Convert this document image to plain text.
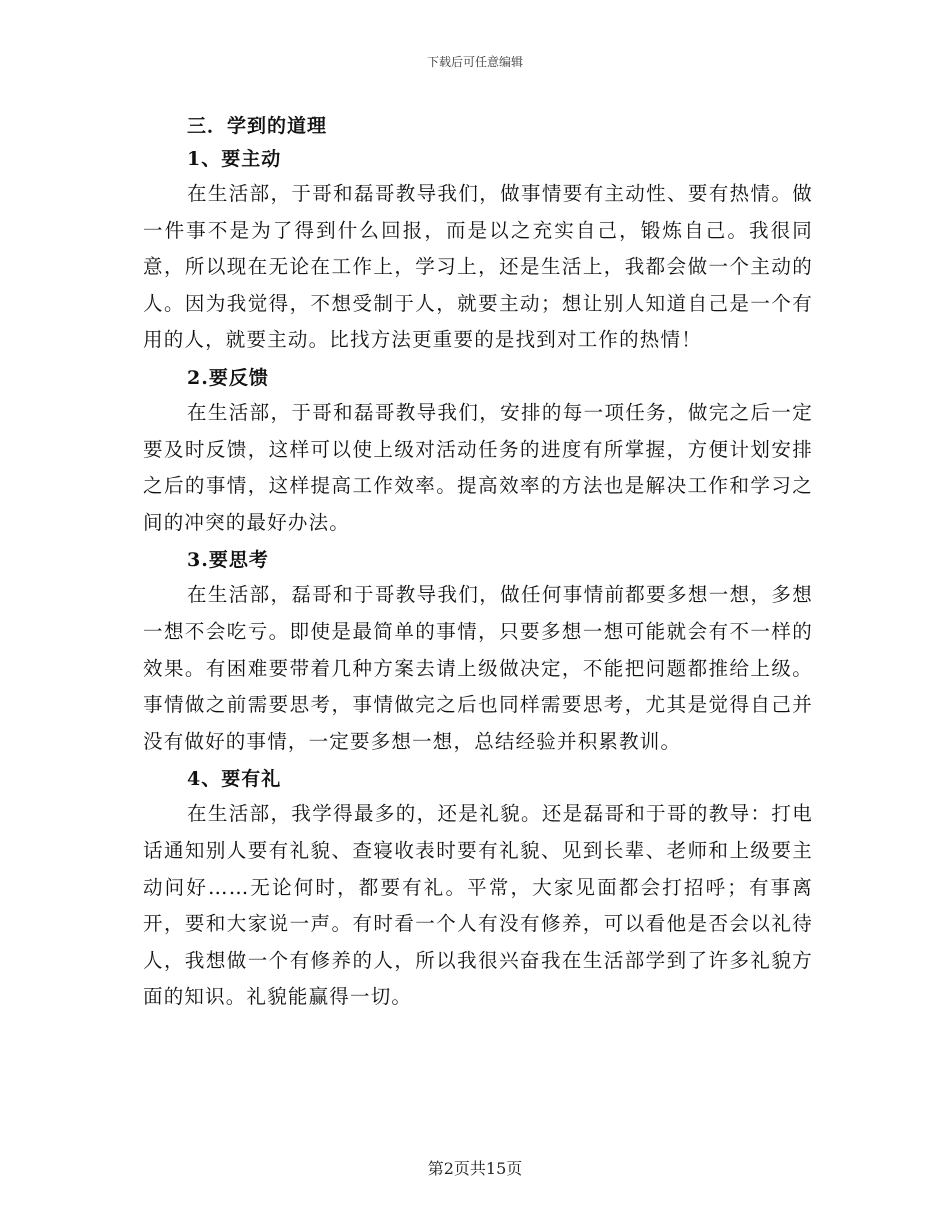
下载后可任意编辑
三．学到的道理
1、要主动

在生活部，于哥和磊哥教导我们，做事情要有主动性、要有热情。做一件事不是为了得到什么回报，而是以之充实自己，锻炼自己。我很同意，所以现在无论在工作上，学习上，还是生活上，我都会做一个主动的人。因为我觉得，不想受制于人，就要主动；想让别人知道自己是一个有用的人，就要主动。比找方法更重要的是找到对工作的热情！

2.要反馈

在生活部，于哥和磊哥教导我们，安排的每一项任务，做完之后一定要及时反馈，这样可以使上级对活动任务的进度有所掌握，方便计划安排之后的事情，这样提高工作效率。提高效率的方法也是解决工作和学习之间的冲突的最好办法。

3.要思考

在生活部，磊哥和于哥教导我们，做任何事情前都要多想一想，多想一想不会吃亏。即使是最简单的事情，只要多想一想可能就会有不一样的效果。有困难要带着几种方案去请上级做决定，不能把问题都推给上级。事情做之前需要思考，事情做完之后也同样需要思考，尤其是觉得自己并没有做好的事情，一定要多想一想，总结经验并积累教训。

4、要有礼

在生活部，我学得最多的，还是礼貌。还是磊哥和于哥的教导：打电话通知别人要有礼貌、查寝收表时要有礼貌、见到长辈、老师和上级要主动问好……无论何时，都要有礼。平常，大家见面都会打招呼；有事离开，要和大家说一声。有时看一个人有没有修养，可以看他是否会以礼待人，我想做一个有修养的人，所以我很兴奋我在生活部学到了许多礼貌方面的知识。礼貌能赢得一切。

第2页共15页
